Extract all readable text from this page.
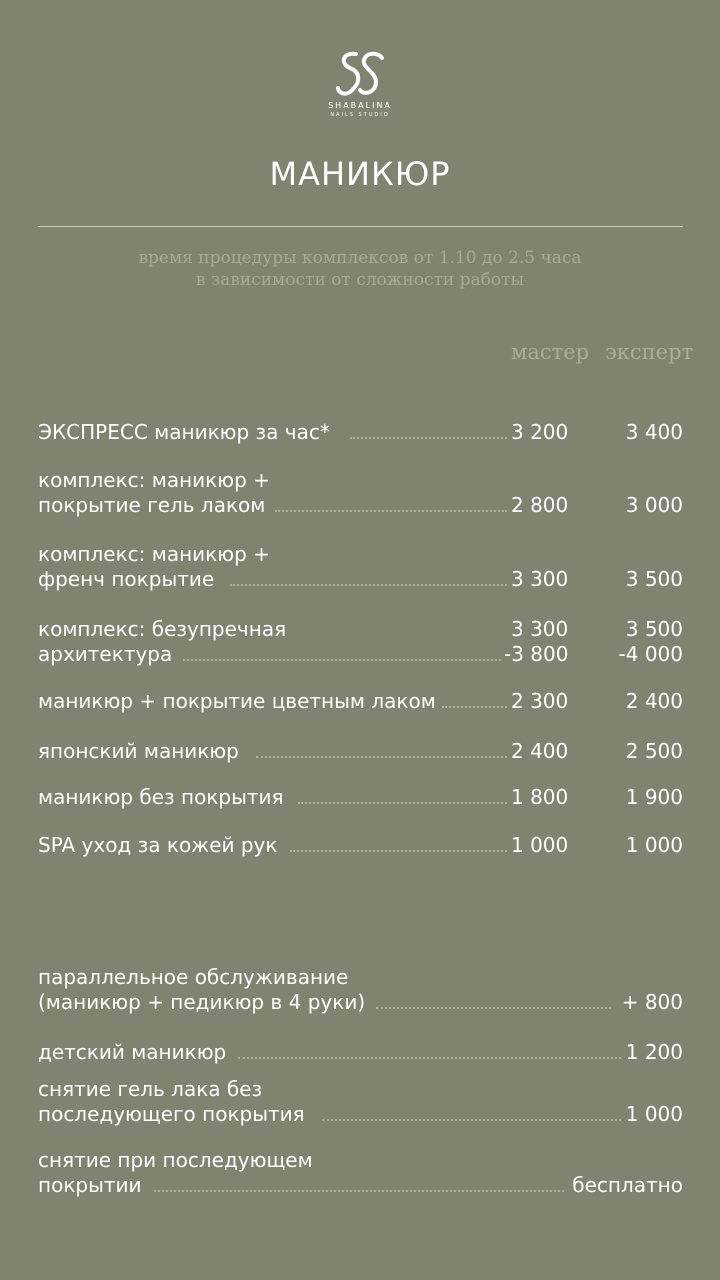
SHABALINA
NAILS STUDIO
МАНИКЮР
время процедуры комплексов от 1.10 до 2.5 часа
в зависимости от сложности работы
мастер эксперт
ЭКСПРЕСС маникюр за час*	3 200	3 400
комплекс: маникюр +
покрытие гель лаком	2 800	3 000
комплекс: маникюр +
френч покрытие	3 300	3 500
комплекс: безупречная	3 300	3 500
архитектура	-3 800	-4 000
маникюр + покрытие цветным лаком	2 300	2 400
японский маникюр	2 400	2 500
маникюр без покрытия	1 800	1 900
SPA уход за кожей рук	1 000	1 000
параллельное обслуживание
(маникюр + педикюр в 4 руки)	+ 800
детский маникюр	1 200
снятие гель лака без
последующего покрытия	1 000
снятие при последующем
покрытии	бесплатно
